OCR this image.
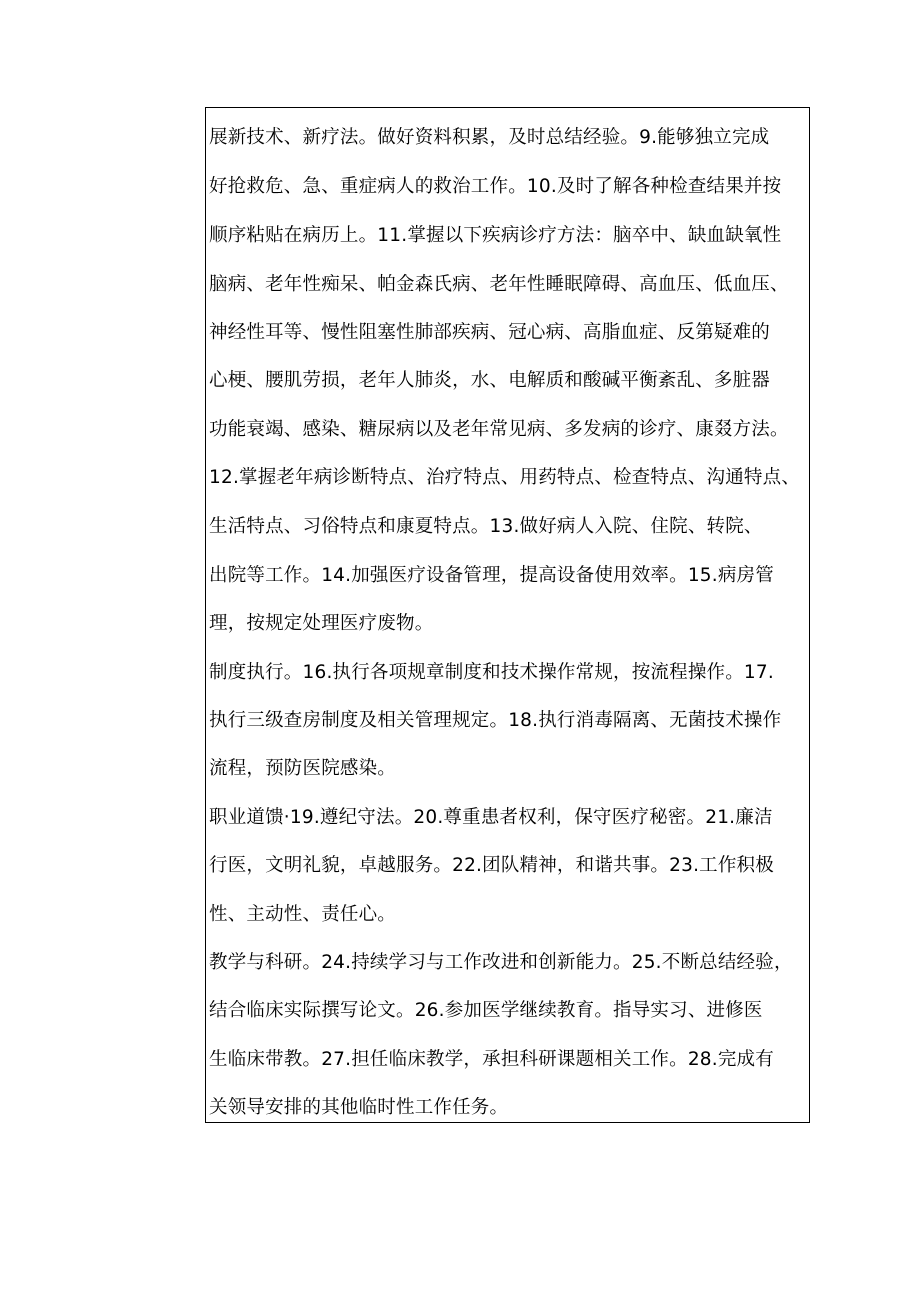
展新技术、新疗法。做好资料积累，及时总结经验。9.能够独立完成
好抢救危、急、重症病人的救治工作。10.及时了解各种检查结果并按
顺序粘贴在病历上。11.掌握以下疾病诊疗方法：脑卒中、缺血缺氧性
脑病、老年性痴呆、帕金森氏病、老年性睡眠障碍、高血压、低血压、
神经性耳等、慢性阻塞性肺部疾病、冠心病、高脂血症、反第疑难的
心梗、腰肌劳损，老年人肺炎，水、电解质和酸碱平衡紊乱、多脏器
功能衰竭、感染、糖尿病以及老年常见病、多发病的诊疗、康叕方法。
12.掌握老年病诊断特点、治疗特点、用药特点、检查特点、沟通特点、
生活特点、习俗特点和康夏特点。13.做好病人入院、住院、转院、
出院等工作。14.加强医疗设备管理，提高设备使用效率。15.病房管
理，按规定处理医疗废物。
制度执行。16.执行各项规章制度和技术操作常规，按流程操作。17.
执行三级查房制度及相关管理规定。18.执行消毒隔离、无菌技术操作
流程，预防医院感染。
职业道馈·19.遵纪守法。20.尊重患者权利，保守医疗秘密。21.廉洁
行医，文明礼貌，卓越服务。22.团队精神，和谐共事。23.工作积极
性、主动性、责任心。
教学与科研。24.持续学习与工作改进和创新能力。25.不断总结经验，
结合临床实际撰写论文。26.参加医学继续教育。指导实习、进修医
生临床带教。27.担任临床教学，承担科研课题相关工作。28.完成有
关领导安排的其他临时性工作任务。
